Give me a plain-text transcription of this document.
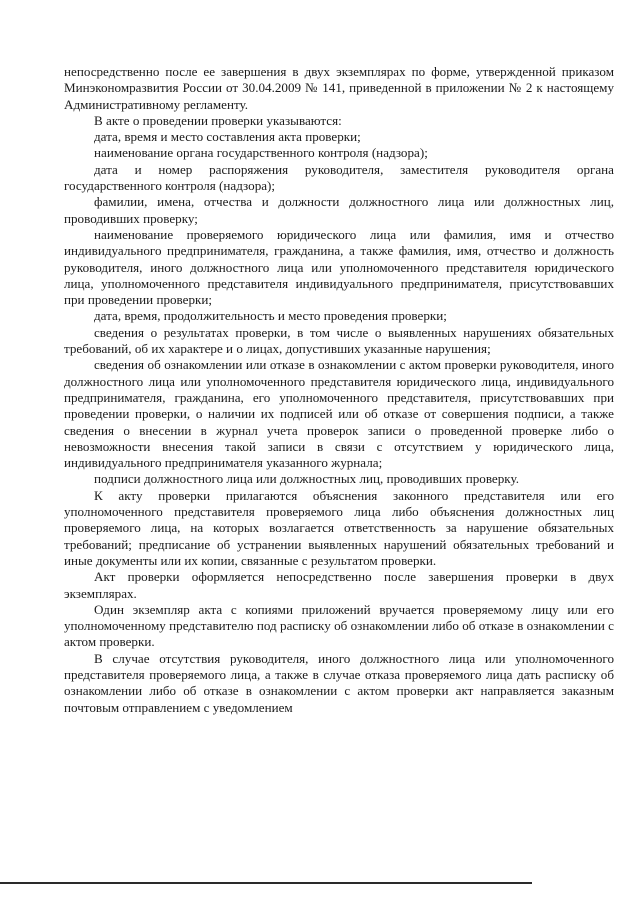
непосредственно после ее завершения в двух экземплярах по форме, утвержденной приказом Минэкономразвития России от 30.04.2009 № 141, приведенной в приложении № 2 к настоящему Административному регламенту.

В акте о проведении проверки указываются:

дата, время и место составления акта проверки;

наименование органа государственного контроля (надзора);

дата и номер распоряжения руководителя, заместителя руководителя органа государственного контроля (надзора);

фамилии, имена, отчества и должности должностного лица или должностных лиц, проводивших проверку;

наименование проверяемого юридического лица или фамилия, имя и отчество индивидуального предпринимателя, гражданина, а также фамилия, имя, отчество и должность руководителя, иного должностного лица или уполномоченного представителя юридического лица, уполномоченного представителя индивидуального предпринимателя, присутствовавших при проведении проверки;

дата, время, продолжительность и место проведения проверки;

сведения о результатах проверки, в том числе о выявленных нарушениях обязательных требований, об их характере и о лицах, допустивших указанные нарушения;

сведения об ознакомлении или отказе в ознакомлении с актом проверки руководителя, иного должностного лица или уполномоченного представителя юридического лица, индивидуального предпринимателя, гражданина, его уполномоченного представителя, присутствовавших при проведении проверки, о наличии их подписей или об отказе от совершения подписи, а также сведения о внесении в журнал учета проверок записи о проведенной проверке либо о невозможности внесения такой записи в связи с отсутствием у юридического лица, индивидуального предпринимателя указанного журнала;

подписи должностного лица или должностных лиц, проводивших проверку.

К акту проверки прилагаются объяснения законного представителя или его уполномоченного представителя проверяемого лица либо объяснения должностных лиц проверяемого лица, на которых возлагается ответственность за нарушение обязательных требований; предписание об устранении выявленных нарушений обязательных требований и иные документы или их копии, связанные с результатом проверки.

Акт проверки оформляется непосредственно после завершения проверки в двух экземплярах.

Один экземпляр акта с копиями приложений вручается проверяемому лицу или его уполномоченному представителю под расписку об ознакомлении либо об отказе в ознакомлении с актом проверки.

В случае отсутствия руководителя, иного должностного лица или уполномоченного представителя проверяемого лица, а также в случае отказа проверяемого лица дать расписку об ознакомлении либо об отказе в ознакомлении с актом проверки акт направляется заказным почтовым отправлением с уведомлением
